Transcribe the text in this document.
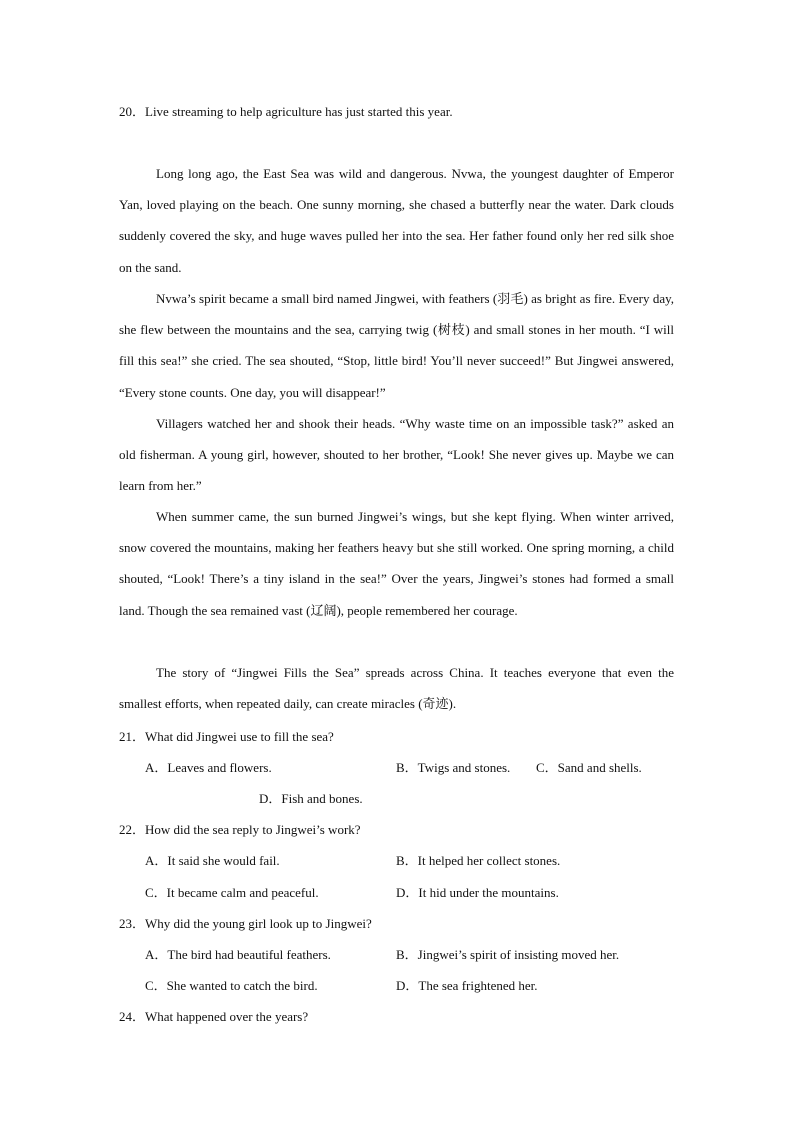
20．Live streaming to help agriculture has just started this year.

Long long ago, the East Sea was wild and dangerous. Nvwa, the youngest daughter of Emperor Yan, loved playing on the beach. One sunny morning, she chased a butterfly near the water. Dark clouds suddenly covered the sky, and huge waves pulled her into the sea. Her father found only her red silk shoe on the sand.

Nvwa’s spirit became a small bird named Jingwei, with feathers (羽毛) as bright as fire. Every day, she flew between the mountains and the sea, carrying twig (树枝) and small stones in her mouth. “I will fill this sea!” she cried. The sea shouted, “Stop, little bird! You’ll never succeed!” But Jingwei answered, “Every stone counts. One day, you will disappear!”

Villagers watched her and shook their heads. “Why waste time on an impossible task?” asked an old fisherman. A young girl, however, shouted to her brother, “Look! She never gives up. Maybe we can learn from her.”

When summer came, the sun burned Jingwei’s wings, but she kept flying. When winter arrived, snow covered the mountains, making her feathers heavy but she still worked. One spring morning, a child shouted, “Look! There’s a tiny island in the sea!” Over the years, Jingwei’s stones had formed a small land. Though the sea remained vast (辽阔), people remembered her courage.

The story of “Jingwei Fills the Sea” spreads across China. It teaches everyone that even the smallest efforts, when repeated daily, can create miracles (奇迹).

21．What did Jingwei use to fill the sea?
A．Leaves and flowers.	B．Twigs and stones. C．Sand and shells.
D．Fish and bones.
22．How did the sea reply to Jingwei’s work?
A．It said she would fail.	B．It helped her collect stones.
C．It became calm and peaceful.	D．It hid under the mountains.
23．Why did the young girl look up to Jingwei?
A．The bird had beautiful feathers.	B．Jingwei’s spirit of insisting moved her.
C．She wanted to catch the bird.	D．The sea frightened her.
24．What happened over the years?
